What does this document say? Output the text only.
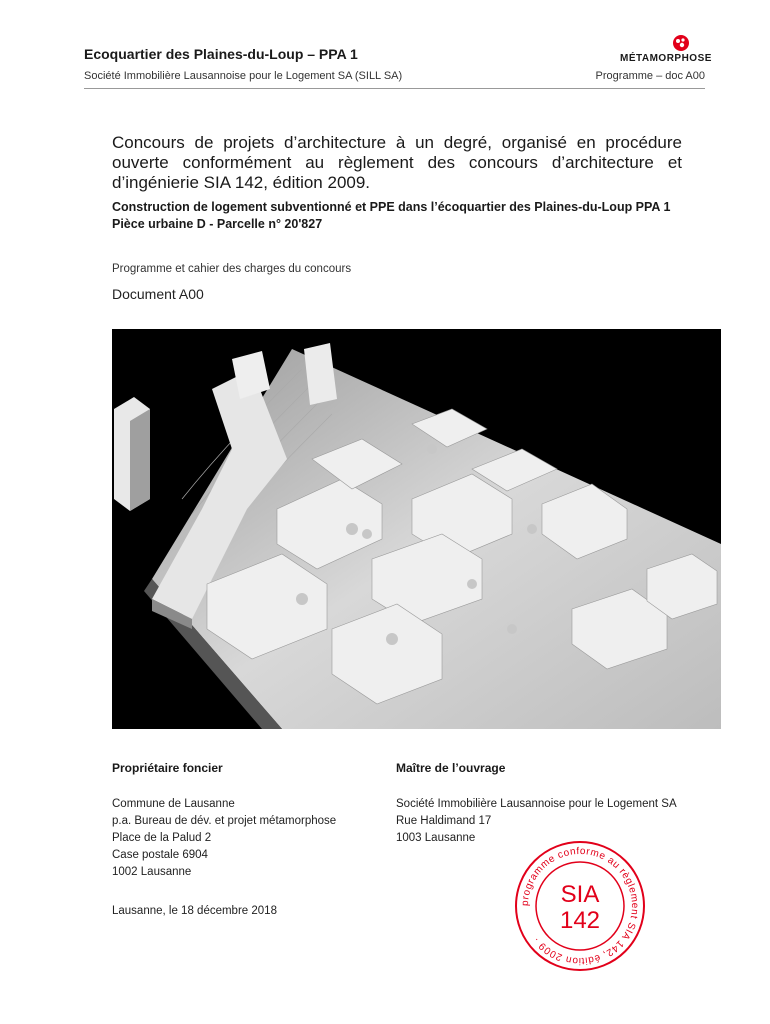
Ecoquartier des Plaines-du-Loup – PPA 1
Société Immobilière Lausannoise pour le Logement SA (SILL SA)
MÉTAMORPHOSE
Programme – doc A00
Concours de projets d’architecture à un degré, organisé en procédure ouverte conformément au règlement des concours d’architecture et d’ingénierie SIA 142, édition 2009.
Construction de logement subventionné et PPE dans l’écoquartier des Plaines-du-Loup PPA 1
Pièce urbaine D - Parcelle n° 20'827
Programme et cahier des charges du concours
Document A00
Propriétaire foncier	Maître de l’ouvrage
Commune de Lausanne
p.a. Bureau de dév. et projet métamorphose
Place de la Palud 2
Case postale 6904
1002 Lausanne
Société Immobilière Lausannoise pour le Logement SA
Rue Haldimand 17
1003 Lausanne
Lausanne, le 18 décembre 2018
programme conforme au règlement SIA 142, édition 2009 ·
SIA
142
